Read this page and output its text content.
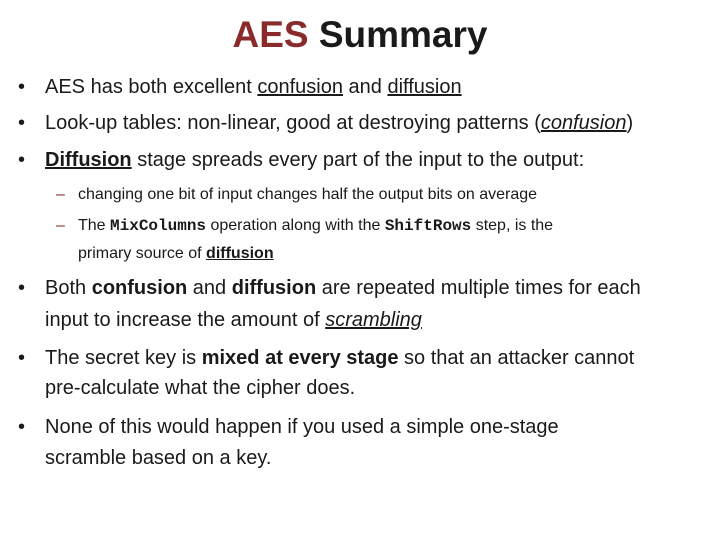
AES Summary
• AES has both excellent confusion and diffusion
• Look-up tables: non-linear, good at destroying patterns (confusion)
• Diffusion stage spreads every part of the input to the output:
– changing one bit of input changes half the output bits on average
– The MixColumns operation along with the ShiftRows step, is the
primary source of diffusion
• Both confusion and diffusion are repeated multiple times for each
input to increase the amount of scrambling
• The secret key is mixed at every stage so that an attacker cannot
pre-calculate what the cipher does.
• None of this would happen if you used a simple one-stage
scramble based on a key.
